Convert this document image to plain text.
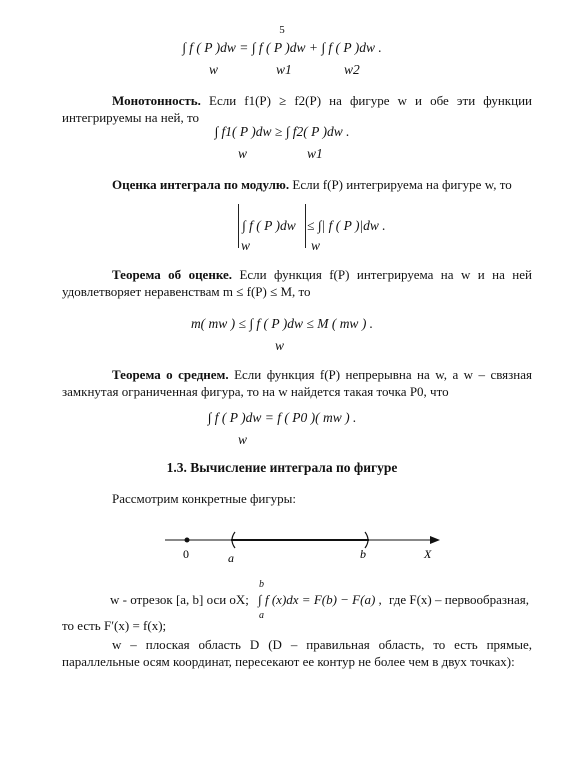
5
∫ f ( P )dw = ∫ f ( P )dw + ∫ f ( P )dw .
w	w1	w2
Монотонность. Если f1(P) ≥ f2(P) на фигуре w и обе эти функции интегрируемы на ней, то
∫ f1( P )dw ≥ ∫ f2( P )dw .
w	w1
Оценка интеграла по модулю. Если f(P) интегрируема на фигуре w, то
∫ f ( P )dw ≤ ∫| f ( P )|dw .
w	w
Теорема об оценке. Если функция f(P) интегрируема на w и на ней удовлетворяет неравенствам m ≤ f(P) ≤ M, то
m( mw ) ≤ ∫ f ( P )dw ≤ M ( mw ) .
w
Теорема о среднем. Если функция f(P) непрерывна на w, а w – связная замкнутая ограниченная фигура, то на w найдется такая точка P0, что
∫ f ( P )dw = f ( P0 )( mw ) .
w
1.3. Вычисление интеграла по фигуре
Рассмотрим конкретные фигуры:
0	a	b	X
w - отрезок [a, b] оси oX; ∫ f (x)dx = F(b) − F(a) , где F(x) – первообразная,
b
a
то есть F′(x) = f(x);
w – плоская область D (D – правильная область, то есть прямые, параллельные осям координат, пересекают ее контур не более чем в двух точках):
